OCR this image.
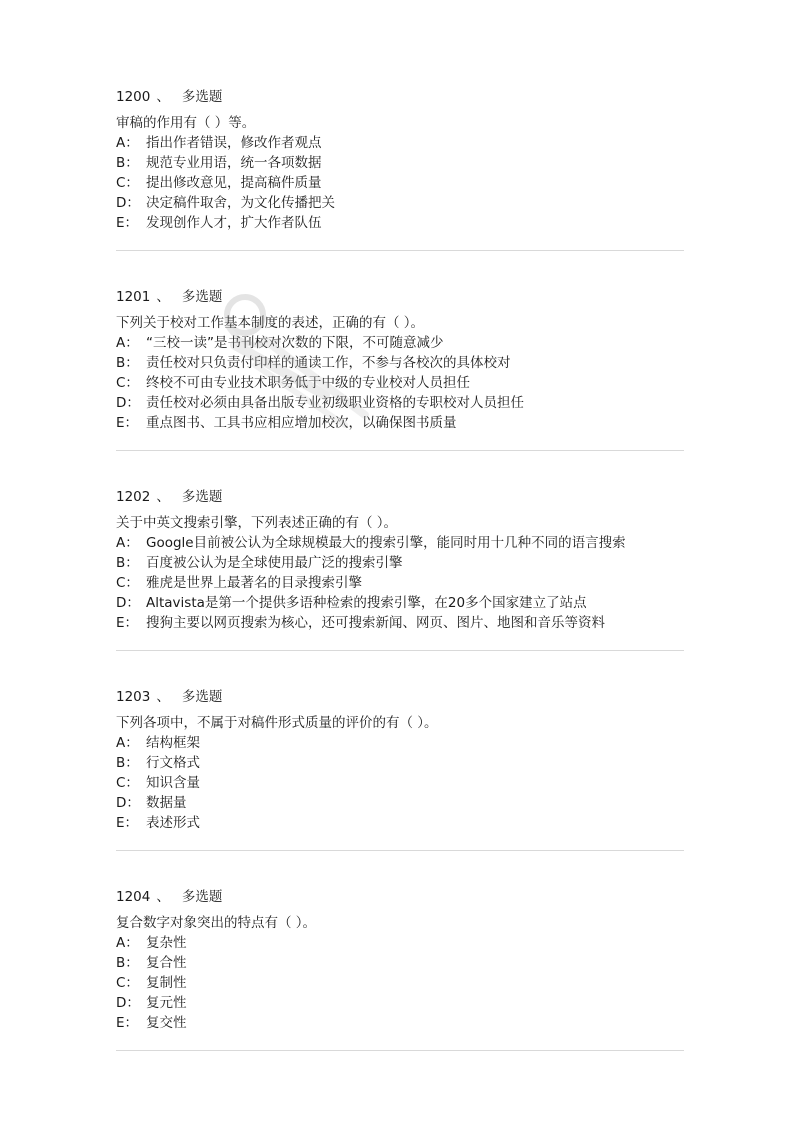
1200 、 多选题
审稿的作用有（ ）等。
A： 指出作者错误，修改作者观点
B： 规范专业用语，统一各项数据
C： 提出修改意见，提高稿件质量
D： 决定稿件取舍，为文化传播把关
E： 发现创作人才，扩大作者队伍
1201 、 多选题
下列关于校对工作基本制度的表述，正确的有（ ）。
A： “三校一读”是书刊校对次数的下限，不可随意减少
B： 责任校对只负责付印样的通读工作，不参与各校次的具体校对
C： 终校不可由专业技术职务低于中级的专业校对人员担任
D： 责任校对必须由具备出版专业初级职业资格的专职校对人员担任
E： 重点图书、工具书应相应增加校次，以确保图书质量
1202 、 多选题
关于中英文搜索引擎，下列表述正确的有（ ）。
A： Google目前被公认为全球规模最大的搜索引擎，能同时用十几种不同的语言搜索
B： 百度被公认为是全球使用最广泛的搜索引擎
C： 雅虎是世界上最著名的目录搜索引擎
D： Altavista是第一个提供多语种检索的搜索引擎，在20多个国家建立了站点
E： 搜狗主要以网页搜索为核心，还可搜索新闻、网页、图片、地图和音乐等资料
1203 、 多选题
下列各项中，不属于对稿件形式质量的评价的有（ ）。
A： 结构框架
B： 行文格式
C： 知识含量
D： 数据量
E： 表述形式
1204 、 多选题
复合数字对象突出的特点有（ ）。
A： 复杂性
B： 复合性
C： 复制性
D： 复元性
E： 复交性
